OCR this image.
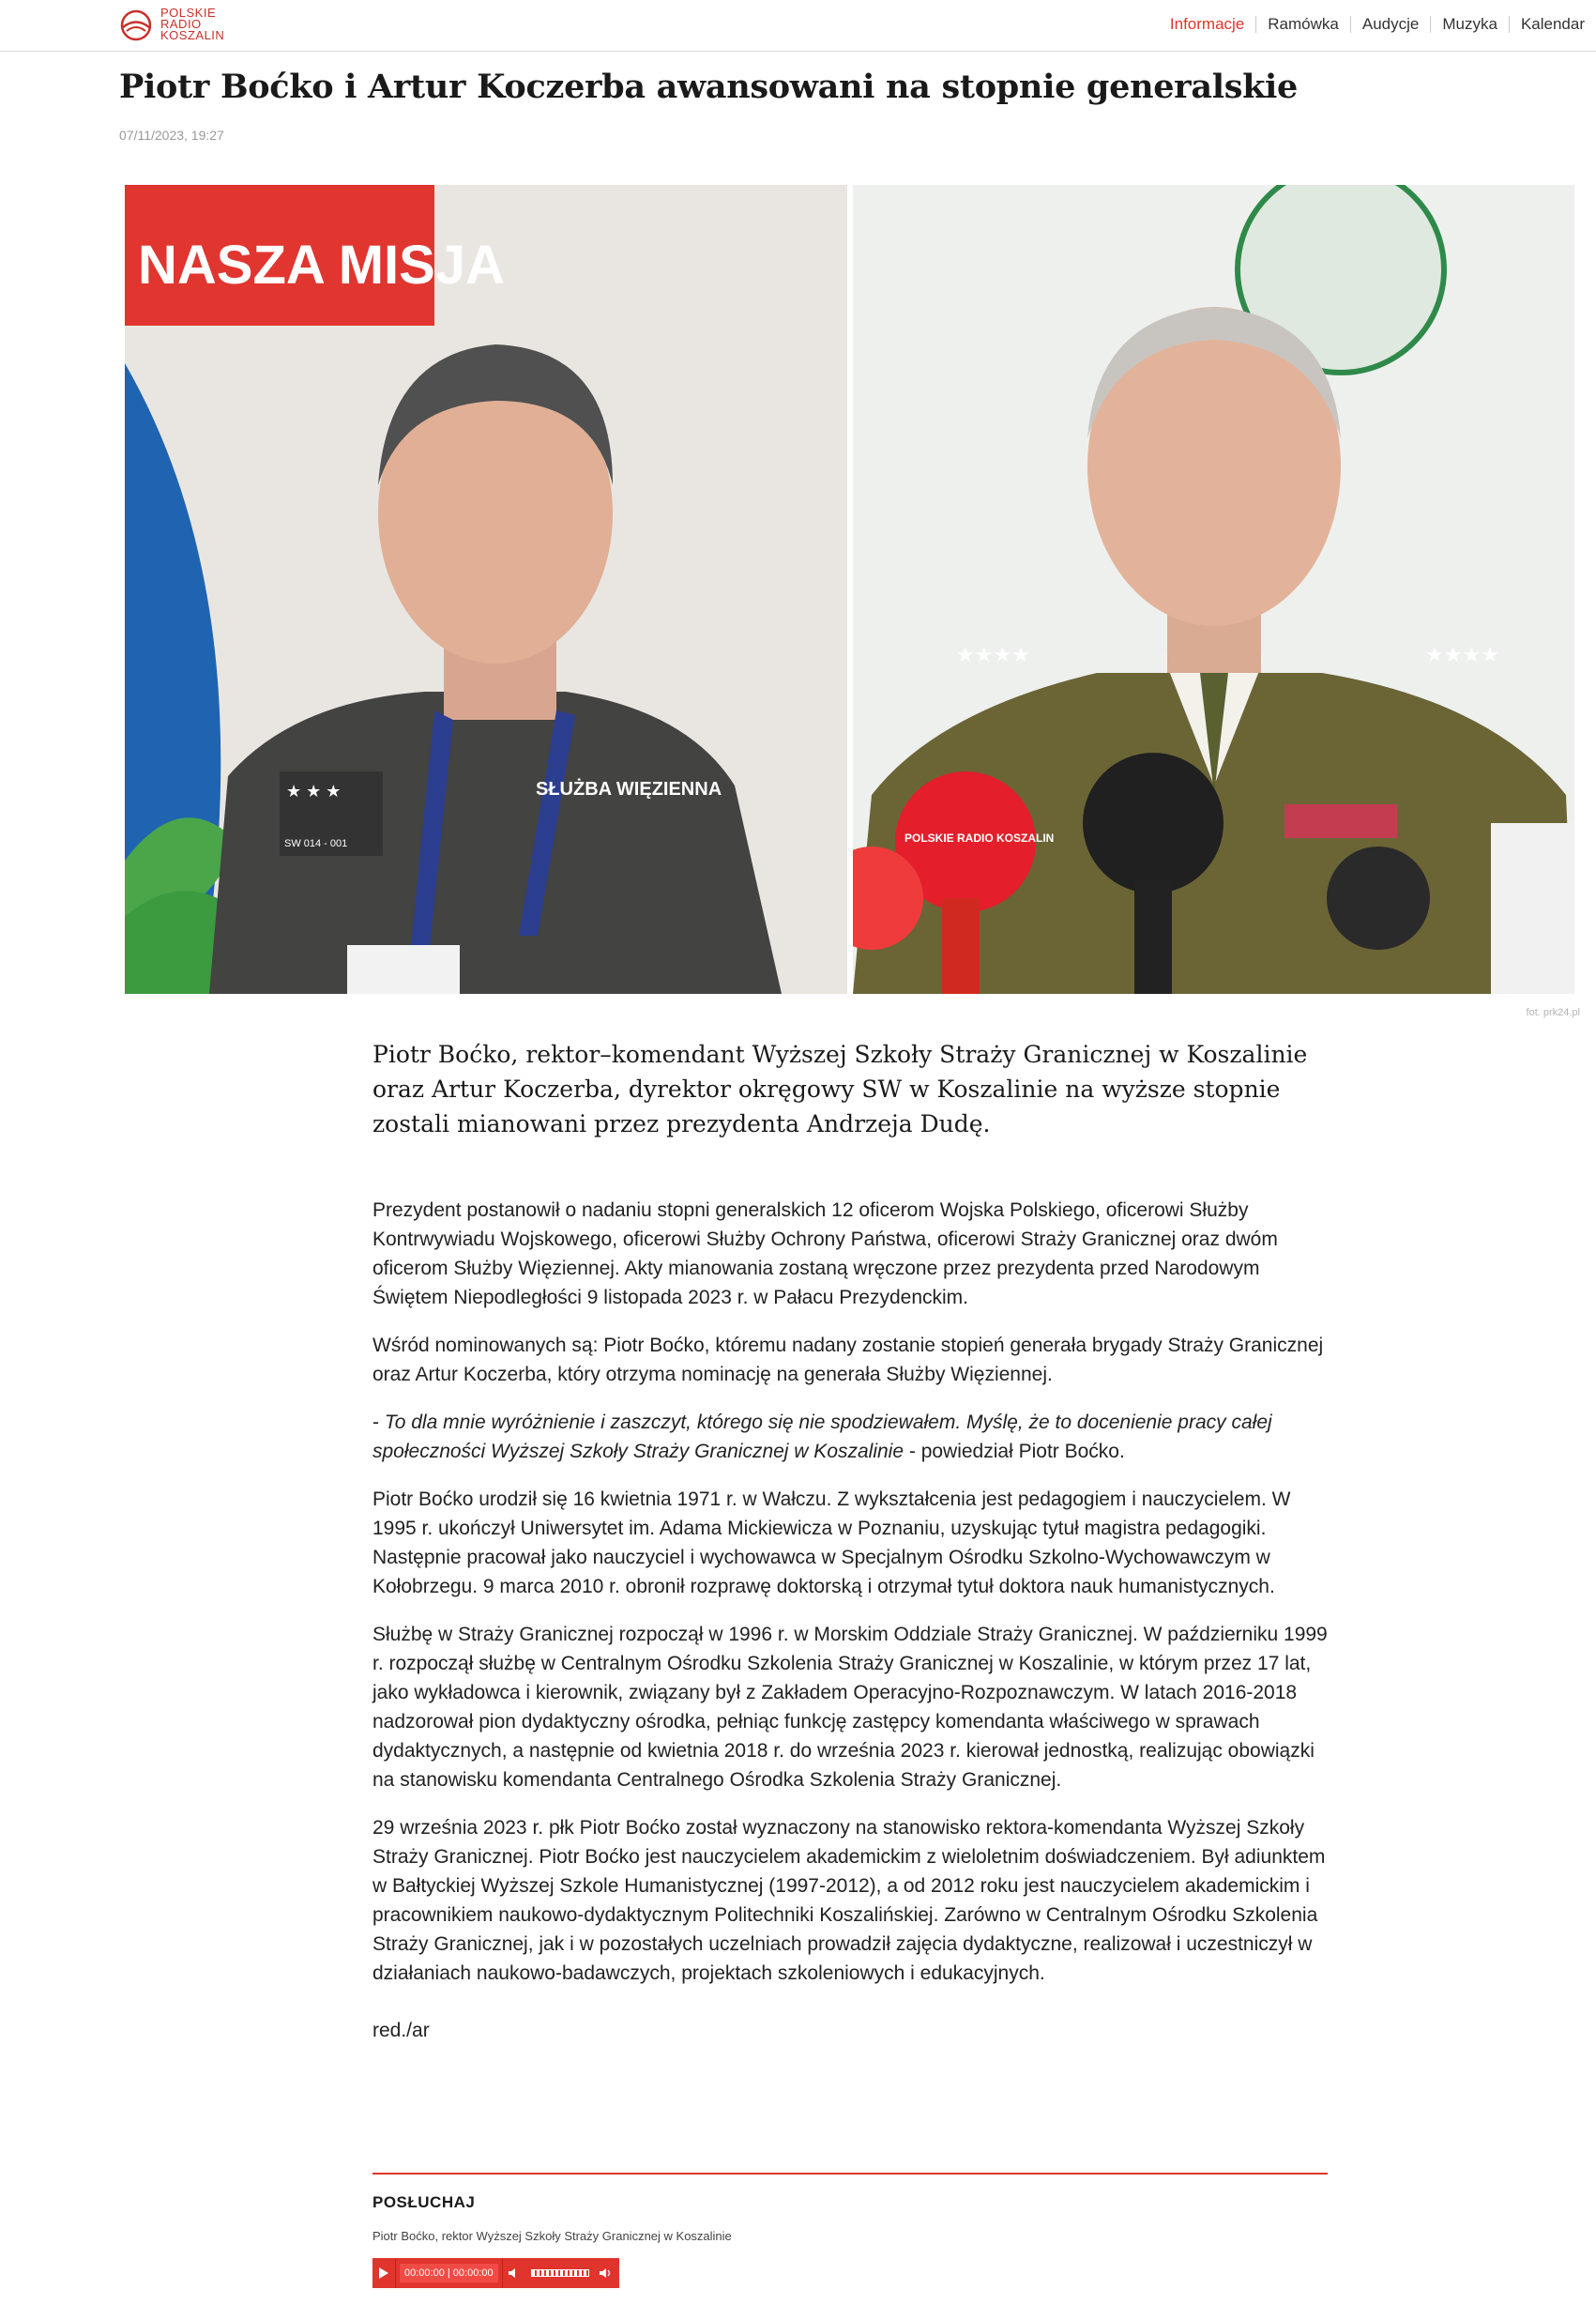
POLSKIE
RADIO
KOSZALIN
Informacje	Ramówka	Audycje	Muzyka	Kalendar
Piotr Boćko i Artur Koczerba awansowani na stopnie generalskie
07/11/2023, 19:27
NASZA MISJA
★ ★ ★
SW 014 - 001
SŁUŻBA WIĘZIENNA
★★★★	★★★★
POLSKIE RADIO KOSZALIN
fot. prk24.pl

Piotr Boćko, rektor–komendant Wyższej Szkoły Straży Granicznej w Koszalinie oraz Artur Koczerba, dyrektor okręgowy SW w Koszalinie na wyższe stopnie zostali mianowani przez prezydenta Andrzeja Dudę.

Prezydent postanowił o nadaniu stopni generalskich 12 oficerom Wojska Polskiego, oficerowi Służby Kontrwywiadu Wojskowego, oficerowi Służby Ochrony Państwa, oficerowi Straży Granicznej oraz dwóm oficerom Służby Więziennej. Akty mianowania zostaną wręczone przez prezydenta przed Narodowym Świętem Niepodległości 9 listopada 2023 r. w Pałacu Prezydenckim.

Wśród nominowanych są: Piotr Boćko, któremu nadany zostanie stopień generała brygady Straży Granicznej oraz Artur Koczerba, który otrzyma nominację na generała Służby Więziennej.

- To dla mnie wyróżnienie i zaszczyt, którego się nie spodziewałem. Myślę, że to docenienie pracy całej społeczności Wyższej Szkoły Straży Granicznej w Koszalinie - powiedział Piotr Boćko.

Piotr Boćko urodził się 16 kwietnia 1971 r. w Wałczu. Z wykształcenia jest pedagogiem i nauczycielem. W 1995 r. ukończył Uniwersytet im. Adama Mickiewicza w Poznaniu, uzyskując tytuł magistra pedagogiki. Następnie pracował jako nauczyciel i wychowawca w Specjalnym Ośrodku Szkolno-Wychowawczym w Kołobrzegu. 9 marca 2010 r. obronił rozprawę doktorską i otrzymał tytuł doktora nauk humanistycznych.

Służbę w Straży Granicznej rozpoczął w 1996 r. w Morskim Oddziale Straży Granicznej. W październiku 1999 r. rozpoczął służbę w Centralnym Ośrodku Szkolenia Straży Granicznej w Koszalinie, w którym przez 17 lat, jako wykładowca i kierownik, związany był z Zakładem Operacyjno-Rozpoznawczym. W latach 2016-2018 nadzorował pion dydaktyczny ośrodka, pełniąc funkcję zastępcy komendanta właściwego w sprawach dydaktycznych, a następnie od kwietnia 2018 r. do września 2023 r. kierował jednostką, realizując obowiązki na stanowisku komendanta Centralnego Ośrodka Szkolenia Straży Granicznej.

29 września 2023 r. płk Piotr Boćko został wyznaczony na stanowisko rektora-komendanta Wyższej Szkoły Straży Granicznej. Piotr Boćko jest nauczycielem akademickim z wieloletnim doświadczeniem. Był adiunktem w Bałtyckiej Wyższej Szkole Humanistycznej (1997-2012), a od 2012 roku jest nauczycielem akademickim i pracownikiem naukowo-dydaktycznym Politechniki Koszalińskiej. Zarówno w Centralnym Ośrodku Szkolenia Straży Granicznej, jak i w pozostałych uczelniach prowadził zajęcia dydaktyczne, realizował i uczestniczył w działaniach naukowo-badawczych, projektach szkoleniowych i edukacyjnych.

red./ar

POSŁUCHAJ
Piotr Boćko, rektor Wyższej Szkoły Straży Granicznej w Koszalinie
00:00:00 | 00:00:00
